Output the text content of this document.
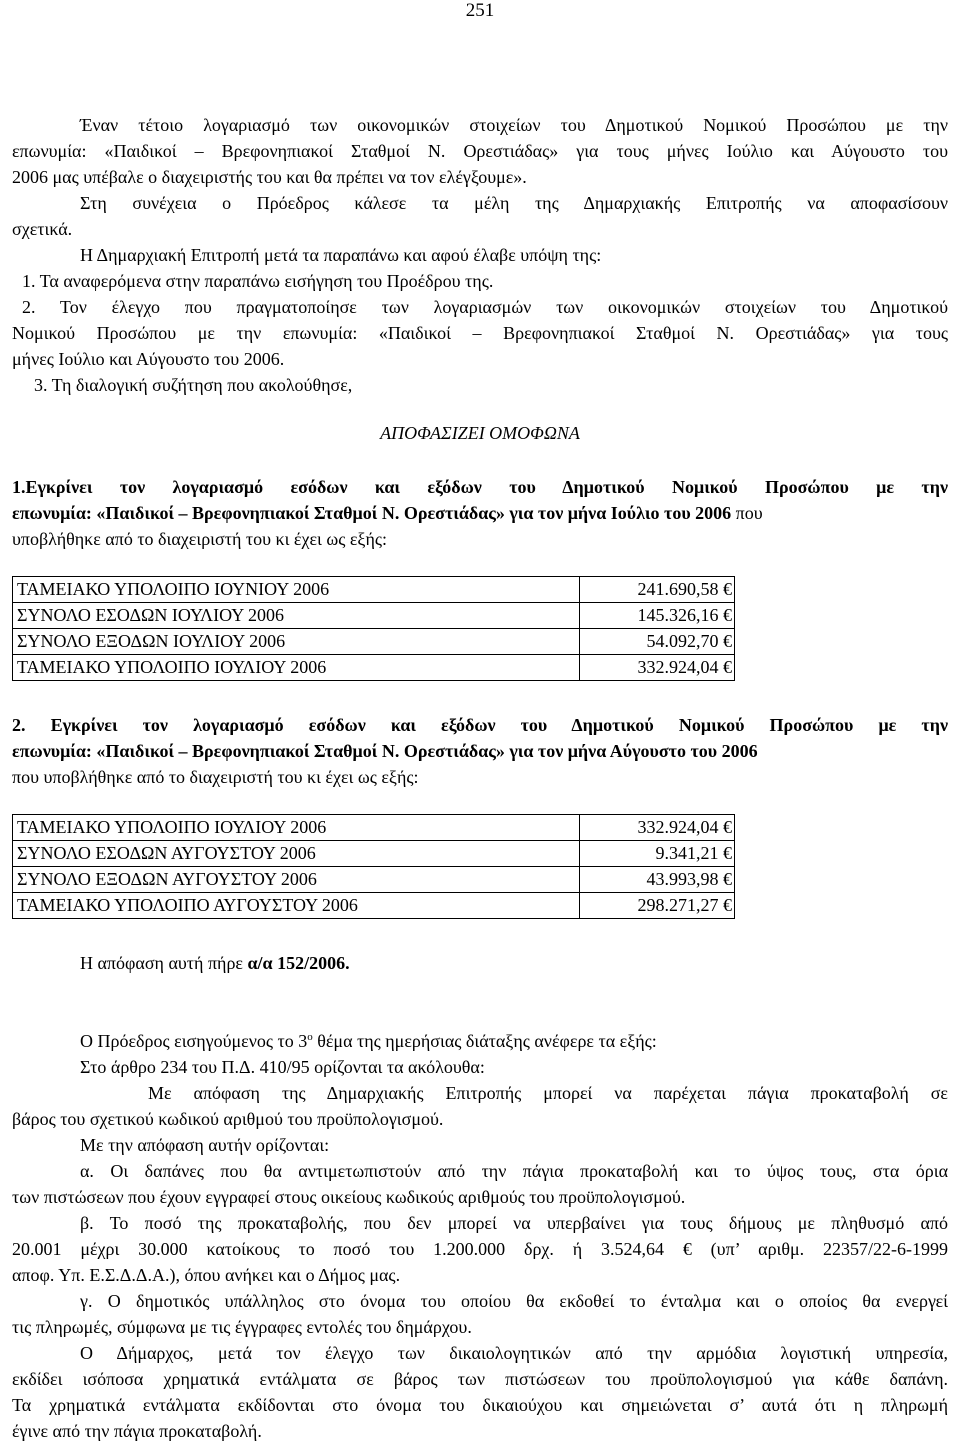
251
Έναν τέτοιο λογαριασμό των οικονομικών στοιχείων του Δημοτικού Νομικού Προσώπου με την
επωνυμία: «Παιδικοί – Βρεφονηπιακοί Σταθμοί Ν. Ορεστιάδας» για τους μήνες Ιούλιο και Αύγουστο του
2006 μας υπέβαλε ο διαχειριστής του και θα πρέπει να τον ελέγξουμε».
Στη συνέχεια ο Πρόεδρος κάλεσε τα μέλη της Δημαρχιακής Επιτροπής να αποφασίσουν
σχετικά.
Η Δημαρχιακή Επιτροπή μετά τα παραπάνω και αφού έλαβε υπόψη της:
1. Τα αναφερόμενα στην παραπάνω εισήγηση του Προέδρου της.
2. Τον έλεγχο που πραγματοποίησε των λογαριασμών των οικονομικών στοιχείων του Δημοτικού
Νομικού Προσώπου με την επωνυμία: «Παιδικοί – Βρεφονηπιακοί Σταθμοί Ν. Ορεστιάδας» για τους
μήνες Ιούλιο και Αύγουστο του 2006.
3. Τη διαλογική συζήτηση που ακολούθησε,
ΑΠΟΦΑΣΙΖΕΙ ΟΜΟΦΩΝΑ
1.Εγκρίνει τον λογαριασμό εσόδων και εξόδων του Δημοτικού Νομικού Προσώπου με την
επωνυμία: «Παιδικοί – Βρεφονηπιακοί Σταθμοί Ν. Ορεστιάδας» για τον μήνα Ιούλιο του 2006 που
υποβλήθηκε από το διαχειριστή του κι έχει ως εξής:
ΤΑΜΕΙΑΚΟ ΥΠΟΛΟΙΠΟ ΙΟΥΝΙΟΥ 2006	241.690,58 €
ΣΥΝΟΛΟ ΕΣΟΔΩΝ ΙΟΥΛΙΟΥ 2006	145.326,16 €
ΣΥΝΟΛΟ ΕΞΟΔΩΝ ΙΟΥΛΙΟΥ 2006	54.092,70 €
ΤΑΜΕΙΑΚΟ ΥΠΟΛΟΙΠΟ ΙΟΥΛΙΟΥ 2006	332.924,04 €
2. Εγκρίνει τον λογαριασμό εσόδων και εξόδων του Δημοτικού Νομικού Προσώπου με την
επωνυμία: «Παιδικοί – Βρεφονηπιακοί Σταθμοί Ν. Ορεστιάδας» για τον μήνα Αύγουστο του 2006
που υποβλήθηκε από το διαχειριστή του κι έχει ως εξής:
ΤΑΜΕΙΑΚΟ ΥΠΟΛΟΙΠΟ ΙΟΥΛΙΟΥ 2006	332.924,04 €
ΣΥΝΟΛΟ ΕΣΟΔΩΝ ΑΥΓΟΥΣΤΟΥ 2006	9.341,21 €
ΣΥΝΟΛΟ ΕΞΟΔΩΝ ΑΥΓΟΥΣΤΟΥ 2006	43.993,98 €
ΤΑΜΕΙΑΚΟ ΥΠΟΛΟΙΠΟ ΑΥΓΟΥΣΤΟΥ 2006	298.271,27 €
Η απόφαση αυτή πήρε α/α 152/2006.
Ο Πρόεδρος εισηγούμενος το $3^o$ θέμα της ημερήσιας διάταξης ανέφερε τα εξής:
Στο άρθρο 234 του Π.Δ. 410/95 ορίζονται τα ακόλουθα:
Με απόφαση της Δημαρχιακής Επιτροπής μπορεί να παρέχεται πάγια προκαταβολή σε
βάρος του σχετικού κωδικού αριθμού του προϋπολογισμού.
Με την απόφαση αυτήν ορίζονται:
α. Οι δαπάνες που θα αντιμετωπιστούν από την πάγια προκαταβολή και το ύψος τους, στα όρια
των πιστώσεων που έχουν εγγραφεί στους οικείους κωδικούς αριθμούς του προϋπολογισμού.
β. Το ποσό της προκαταβολής, που δεν μπορεί να υπερβαίνει για τους δήμους με πληθυσμό από
20.001 μέχρι 30.000 κατοίκους το ποσό του 1.200.000 δρχ. ή 3.524,64 € (υπ’ αριθμ. 22357/22-6-1999
αποφ. Υπ. Ε.Σ.Δ.Δ.Α.), όπου ανήκει και ο Δήμος μας.
γ. Ο δημοτικός υπάλληλος στο όνομα του οποίου θα εκδοθεί το ένταλμα και ο οποίος θα ενεργεί
τις πληρωμές, σύμφωνα με τις έγγραφες εντολές του δημάρχου.
Ο Δήμαρχος, μετά τον έλεγχο των δικαιολογητικών από την αρμόδια λογιστική υπηρεσία,
εκδίδει ισόποσα χρηματικά εντάλματα σε βάρος των πιστώσεων του προϋπολογισμού για κάθε δαπάνη.
Τα χρηματικά εντάλματα εκδίδονται στο όνομα του δικαιούχου και σημειώνεται σ’ αυτά ότι η πληρωμή
έγινε από την πάγια προκαταβολή.
